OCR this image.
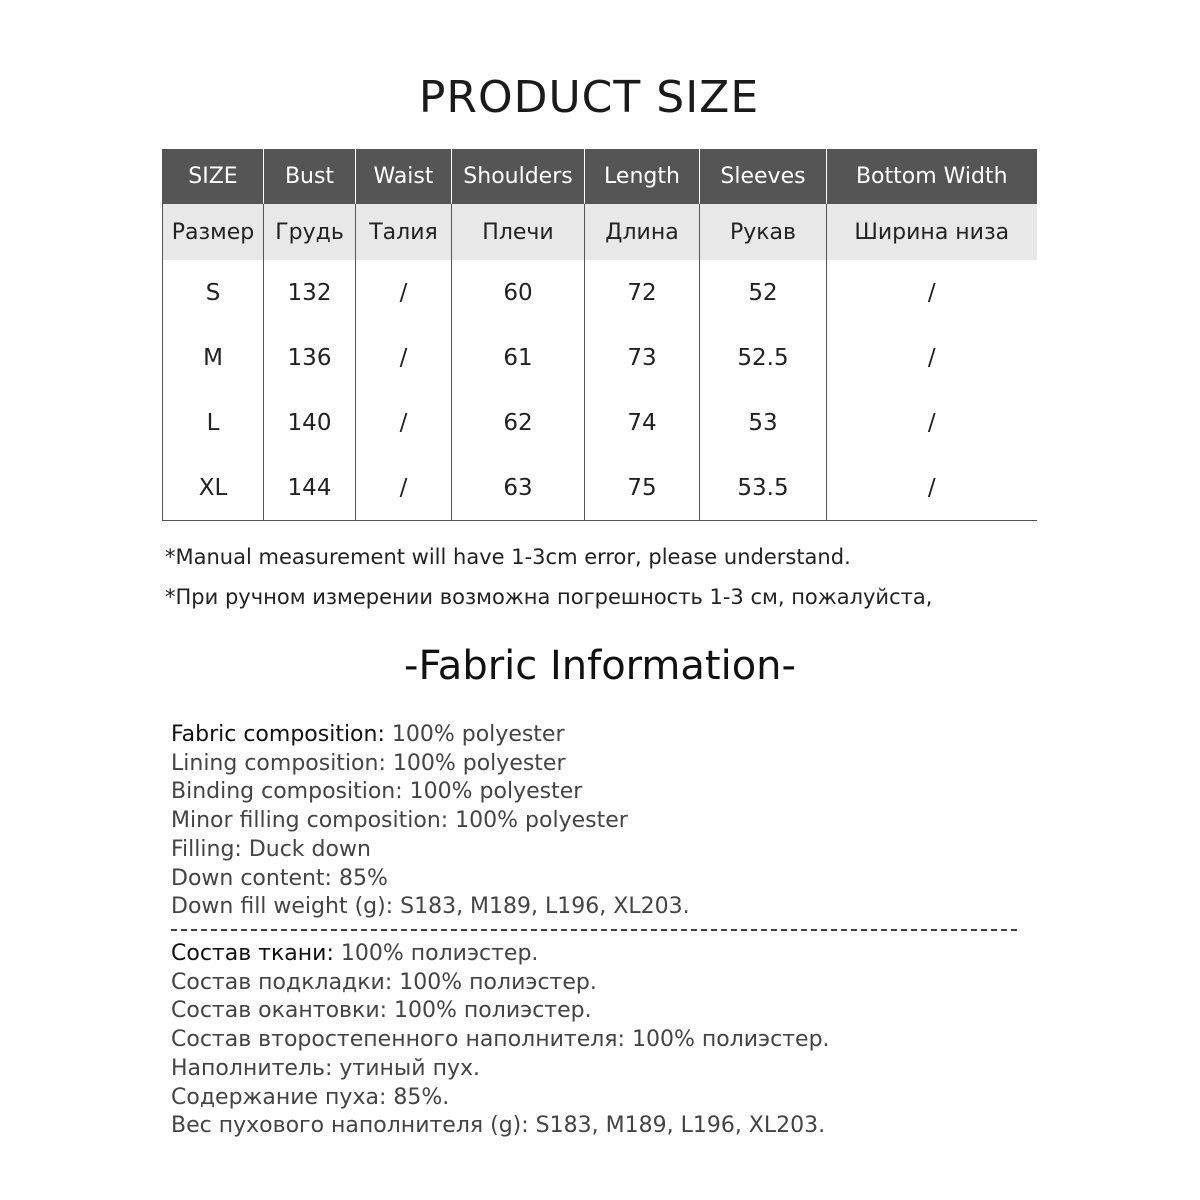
PRODUCT SIZE
SIZE	Bust	Waist	Shoulders	Length	Sleeves	Bottom Width
Размер	Грудь	Талия	Плечи	Длина	Рукав	Ширина низа
S	132	/	60	72	52	/
M	136	/	61	73	52.5	/
L	140	/	62	74	53	/
XL	144	/	63	75	53.5	/
*Manual measurement will have 1-3cm error, please understand.
*При ручном измерении возможна погрешность 1-3 см, пожалуйста,
-Fabric Information-
Fabric composition: 100% polyester
Lining composition: 100% polyester
Binding composition: 100% polyester
Minor filling composition: 100% polyester
Filling: Duck down
Down content: 85%
Down fill weight (g): S183, M189, L196, XL203.
Состав ткани: 100% полиэстер.
Состав подкладки: 100% полиэстер.
Состав окантовки: 100% полиэстер.
Состав второстепенного наполнителя: 100% полиэстер.
Наполнитель: утиный пух.
Содержание пуха: 85%.
Вес пухового наполнителя (g): S183, M189, L196, XL203.
